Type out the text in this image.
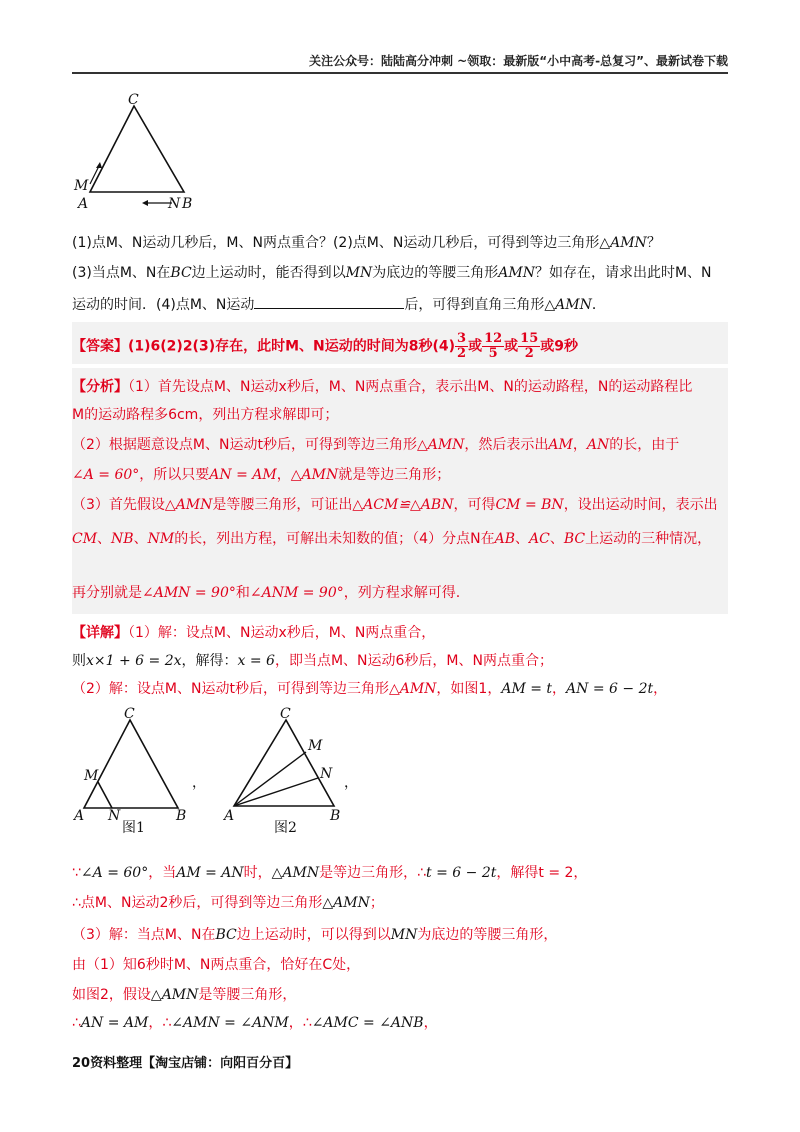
关注公众号：陆陆高分冲刺 ~领取：最新版“小中高考-总复习”、最新试卷下载
C
M
A	N B
(1)点M、N运动几秒后，M、N两点重合？(2)点M、N运动几秒后，可得到等边三角形△AMN？
(3)当点M、N在BC边上运动时，能否得到以MN为底边的等腰三角形AMN？如存在，请求出此时M、N
运动的时间．(4)点M、N运动	后，可得到直角三角形△AMN．
【答案】(1)6(2)2(3)存在，此时M、N运动的时间为8秒$(4) \frac{3}{2}$ 或 $\frac{12}{5}$ 或 $\frac{15}{2}$ 或9秒
【分析】（1）首先设点M、N运动x秒后，M、N两点重合，表示出M、N的运动路程，N的运动路程比
M的运动路程多6cm，列出方程求解即可；
（2）根据题意设点M、N运动t秒后，可得到等边三角形△AMN，然后表示出AM，AN的长，由于
∠A = 60°，所以只要AN = AM，△AMN就是等边三角形；
（3）首先假设△AMN是等腰三角形，可证出△ACM≌△ABN，可得CM = BN，设出运动时间，表示出
CM、NB、NM的长，列出方程，可解出未知数的值；（4）分点N在AB、AC、BC上运动的三种情况，
再分别就是∠AMN = 90°和∠ANM = 90°，列方程求解可得.
【详解】（1）解：设点M、N运动x秒后，M、N两点重合，
则x×1 + 6 = 2x，解得：x = 6，即当点M、N运动6秒后，M、N两点重合；
（2）解：设点M、N运动t秒后，可得到等边三角形△AMN，如图1，AM = t，AN = 6 − 2t，
C
M
A N	B
图1
，
C
M
N
A	B
图2
，
∵∠A = 60°，当AM = AN时，△AMN是等边三角形，∴t = 6 − 2t，解得t = 2，
∴点M、N运动2秒后，可得到等边三角形△AMN；
（3）解：当点M、N在BC边上运动时，可以得到以MN为底边的等腰三角形，
由（1）知6秒时M、N两点重合，恰好在C处，
如图2，假设△AMN是等腰三角形，
∴AN = AM，∴∠AMN = ∠ANM，∴∠AMC = ∠ANB，
20资料整理【淘宝店铺：向阳百分百】
